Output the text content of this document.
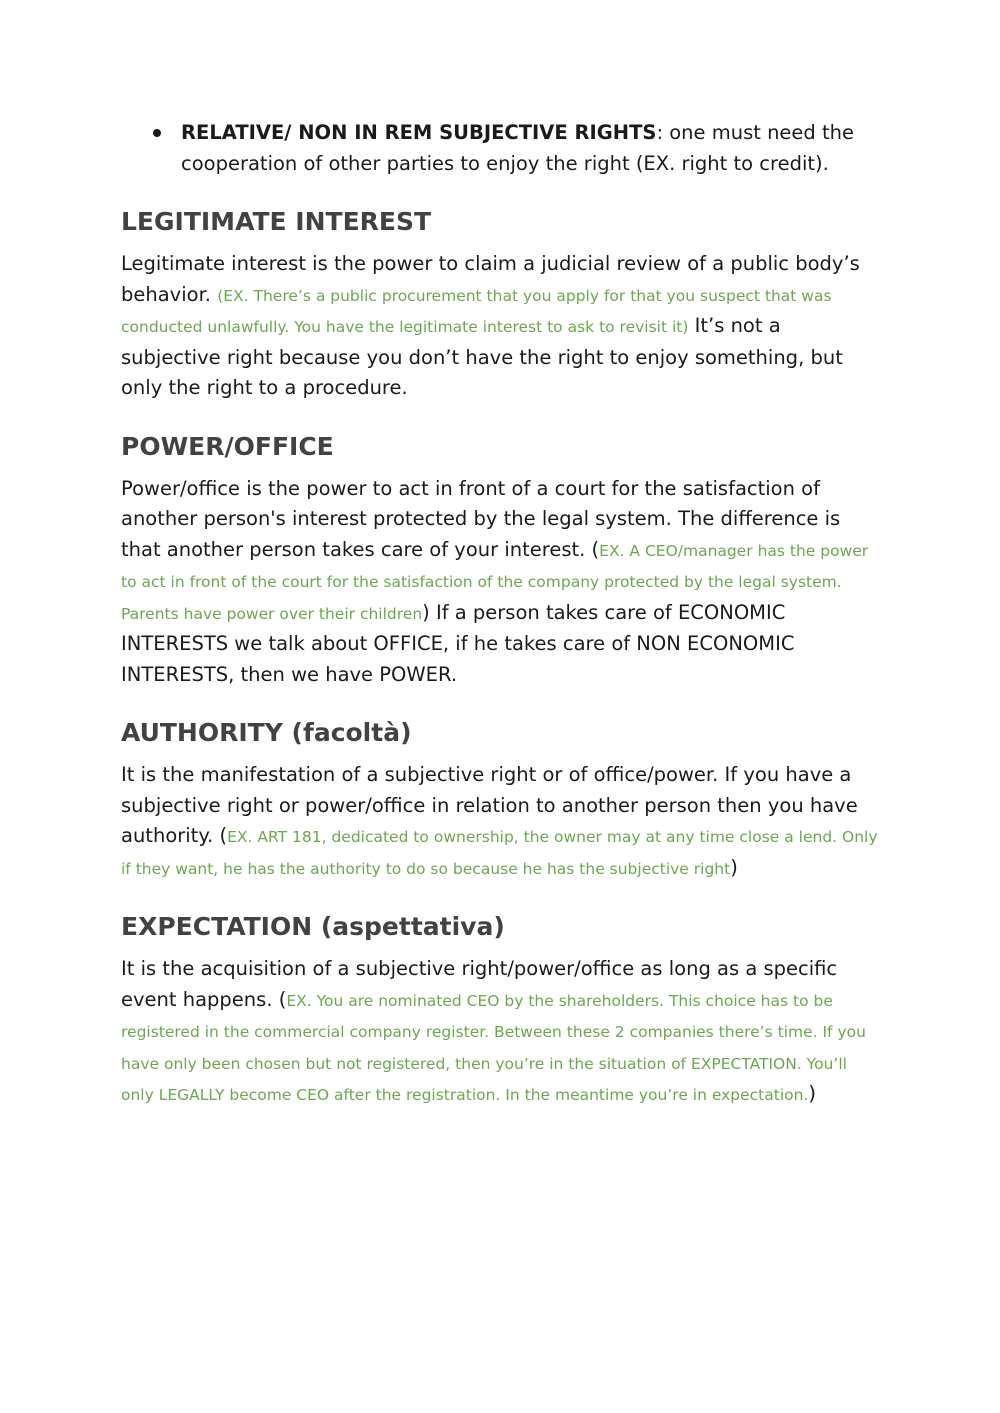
RELATIVE/ NON IN REM SUBJECTIVE RIGHTS: one must need the cooperation of other parties to enjoy the right (EX. right to credit).
LEGITIMATE INTEREST

Legitimate interest is the power to claim a judicial review of a public body’s behavior. (EX. There’s a public procurement that you apply for that you suspect that was conducted unlawfully. You have the legitimate interest to ask to revisit it) It’s not a subjective right because you don’t have the right to enjoy something, but only the right to a procedure.

POWER/OFFICE

Power/office is the power to act in front of a court for the satisfaction of another person's interest protected by the legal system. The difference is that another person takes care of your interest. (EX. A CEO/manager has the power to act in front of the court for the satisfaction of the company protected by the legal system. Parents have power over their children) If a person takes care of ECONOMIC INTERESTS we talk about OFFICE, if he takes care of NON ECONOMIC INTERESTS, then we have POWER.

AUTHORITY (facoltà)

It is the manifestation of a subjective right or of office/power. If you have a subjective right or power/office in relation to another person then you have authority. (EX. ART 181, dedicated to ownership, the owner may at any time close a lend. Only if they want, he has the authority to do so because he has the subjective right)

EXPECTATION (aspettativa)

It is the acquisition of a subjective right/power/office as long as a specific event happens. (EX. You are nominated CEO by the shareholders. This choice has to be registered in the commercial company register. Between these 2 companies there’s time. If you have only been chosen but not registered, then you’re in the situation of EXPECTATION. You’ll only LEGALLY become CEO after the registration. In the meantime you’re in expectation.)
